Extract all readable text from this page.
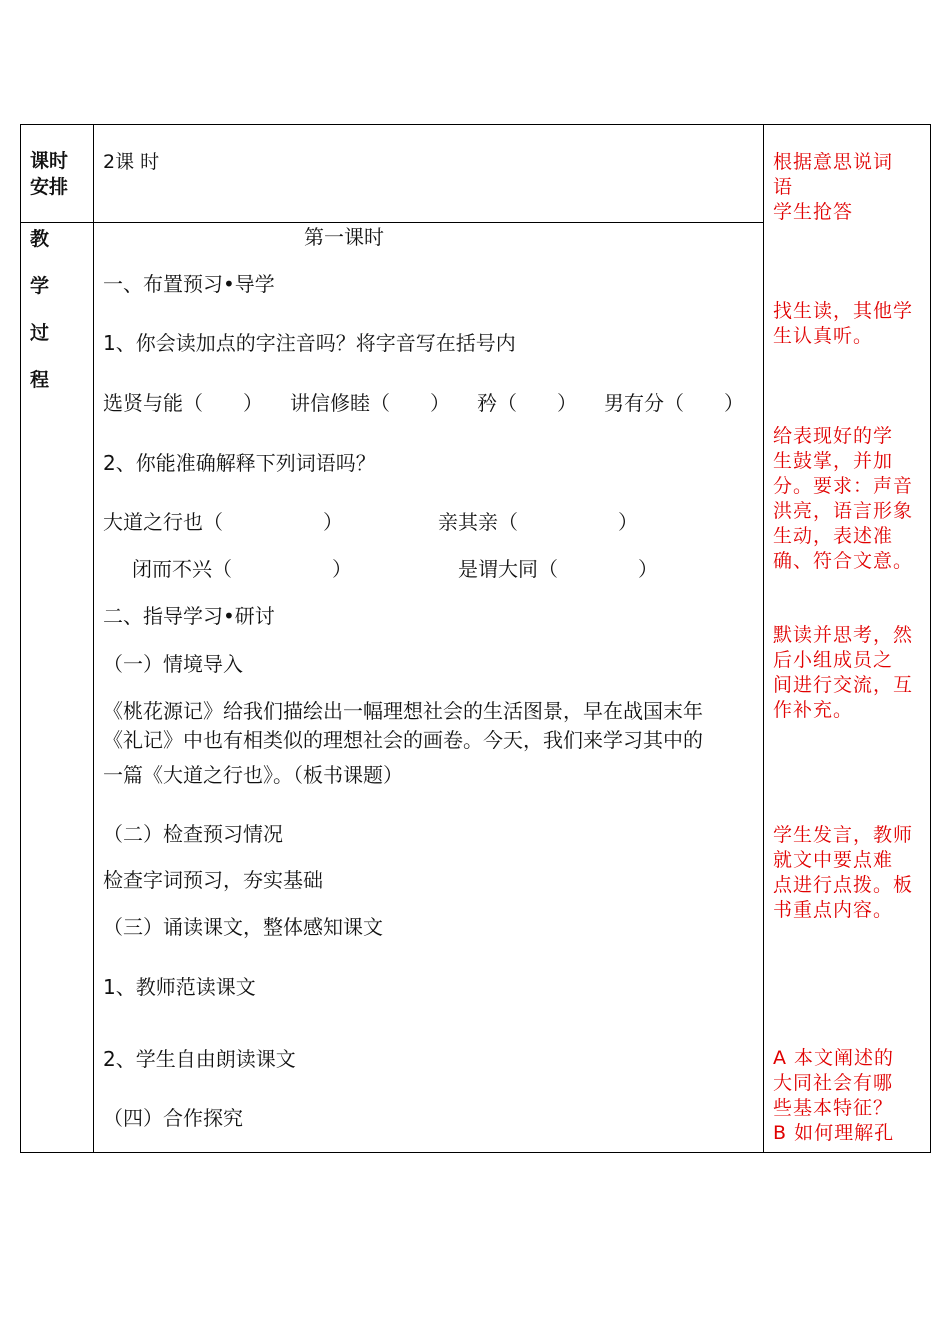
课时
安排
2课 时
教
学
过
程
第一课时
一、布置预习•导学
1、你会读加点的字注音吗？将字音写在括号内
选贤与能（　　） 讲信修睦（　　） 矜（　　） 男有分（　　）
2、你能准确解释下列词语吗？
大道之行也（　　　　　）	亲其亲（　　　　　）
闭而不兴（　　　　　）	是谓大同（　　　　）
二、指导学习•研讨
（一）情境导入
《桃花源记》给我们描绘出一幅理想社会的生活图景，早在战国末年
《礼记》中也有相类似的理想社会的画卷。今天，我们来学习其中的
一篇《大道之行也》。（板书课题）
（二）检查预习情况
检查字词预习，夯实基础
（三）诵读课文，整体感知课文
1、教师范读课文
2、学生自由朗读课文
（四）合作探究
根据意思说词
语
学生抢答
找生读，其他学
生认真听。
给表现好的学
生鼓掌，并加
分。要求：声音
洪亮，语言形象
生动，表述准
确、符合文意。
默读并思考，然
后小组成员之
间进行交流，互
作补充。
学生发言，教师
就文中要点难
点进行点拨。板
书重点内容。
A 本文阐述的
大同社会有哪
些基本特征？
B 如何理解孔
